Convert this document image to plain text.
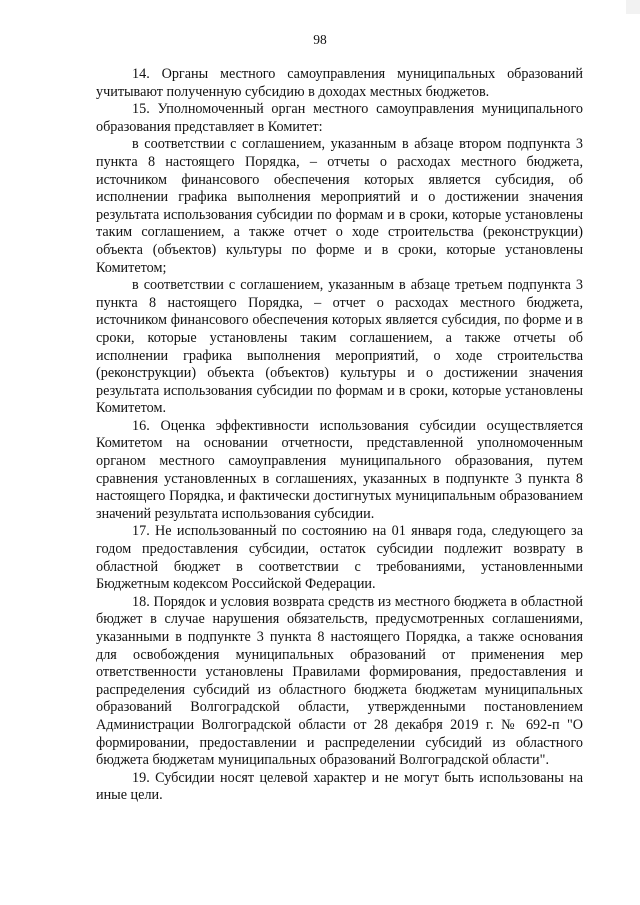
98

14. Органы местного самоуправления муниципальных образований учитывают полученную субсидию в доходах местных бюджетов.

15. Уполномоченный орган местного самоуправления муниципального образования представляет в Комитет:

в соответствии с соглашением, указанным в абзаце втором подпункта 3 пункта 8 настоящего Порядка, – отчеты о расходах местного бюджета, источником финансового обеспечения которых является субсидия, об исполнении графика выполнения мероприятий и о достижении значения результата использования субсидии по формам и в сроки, которые установлены таким соглашением, а также отчет о ходе строительства (реконструкции) объекта (объектов) культуры по форме и в сроки, которые установлены Комитетом;

в соответствии с соглашением, указанным в абзаце третьем подпункта 3 пункта 8 настоящего Порядка, – отчет о расходах местного бюджета, источником финансового обеспечения которых является субсидия, по форме и в сроки, которые установлены таким соглашением, а также отчеты об исполнении графика выполнения мероприятий, о ходе строительства (реконструкции) объекта (объектов) культуры и о достижении значения результата использования субсидии по формам и в сроки, которые установлены Комитетом.

16. Оценка эффективности использования субсидии осуществляется Комитетом на основании отчетности, представленной уполномоченным органом местного самоуправления муниципального образования, путем сравнения установленных в соглашениях, указанных в подпункте 3 пункта 8 настоящего Порядка, и фактически достигнутых муниципальным образованием значений результата использования субсидии.

17. Не использованный по состоянию на 01 января года, следующего за годом предоставления субсидии, остаток субсидии подлежит возврату в областной бюджет в соответствии с требованиями, установленными Бюджетным кодексом Российской Федерации.

18. Порядок и условия возврата средств из местного бюджета в областной бюджет в случае нарушения обязательств, предусмотренных соглашениями, указанными в подпункте 3 пункта 8 настоящего Порядка, а также основания для освобождения муниципальных образований от применения мер ответственности установлены Правилами формирования, предоставления и распределения субсидий из областного бюджета бюджетам муниципальных образований Волгоградской области, утвержденными постановлением Администрации Волгоградской области от 28 декабря 2019 г. № 692-п "О формировании, предоставлении и распределении субсидий из областного бюджета бюджетам муниципальных образований Волгоградской области".

19. Субсидии носят целевой характер и не могут быть использованы на иные цели.
